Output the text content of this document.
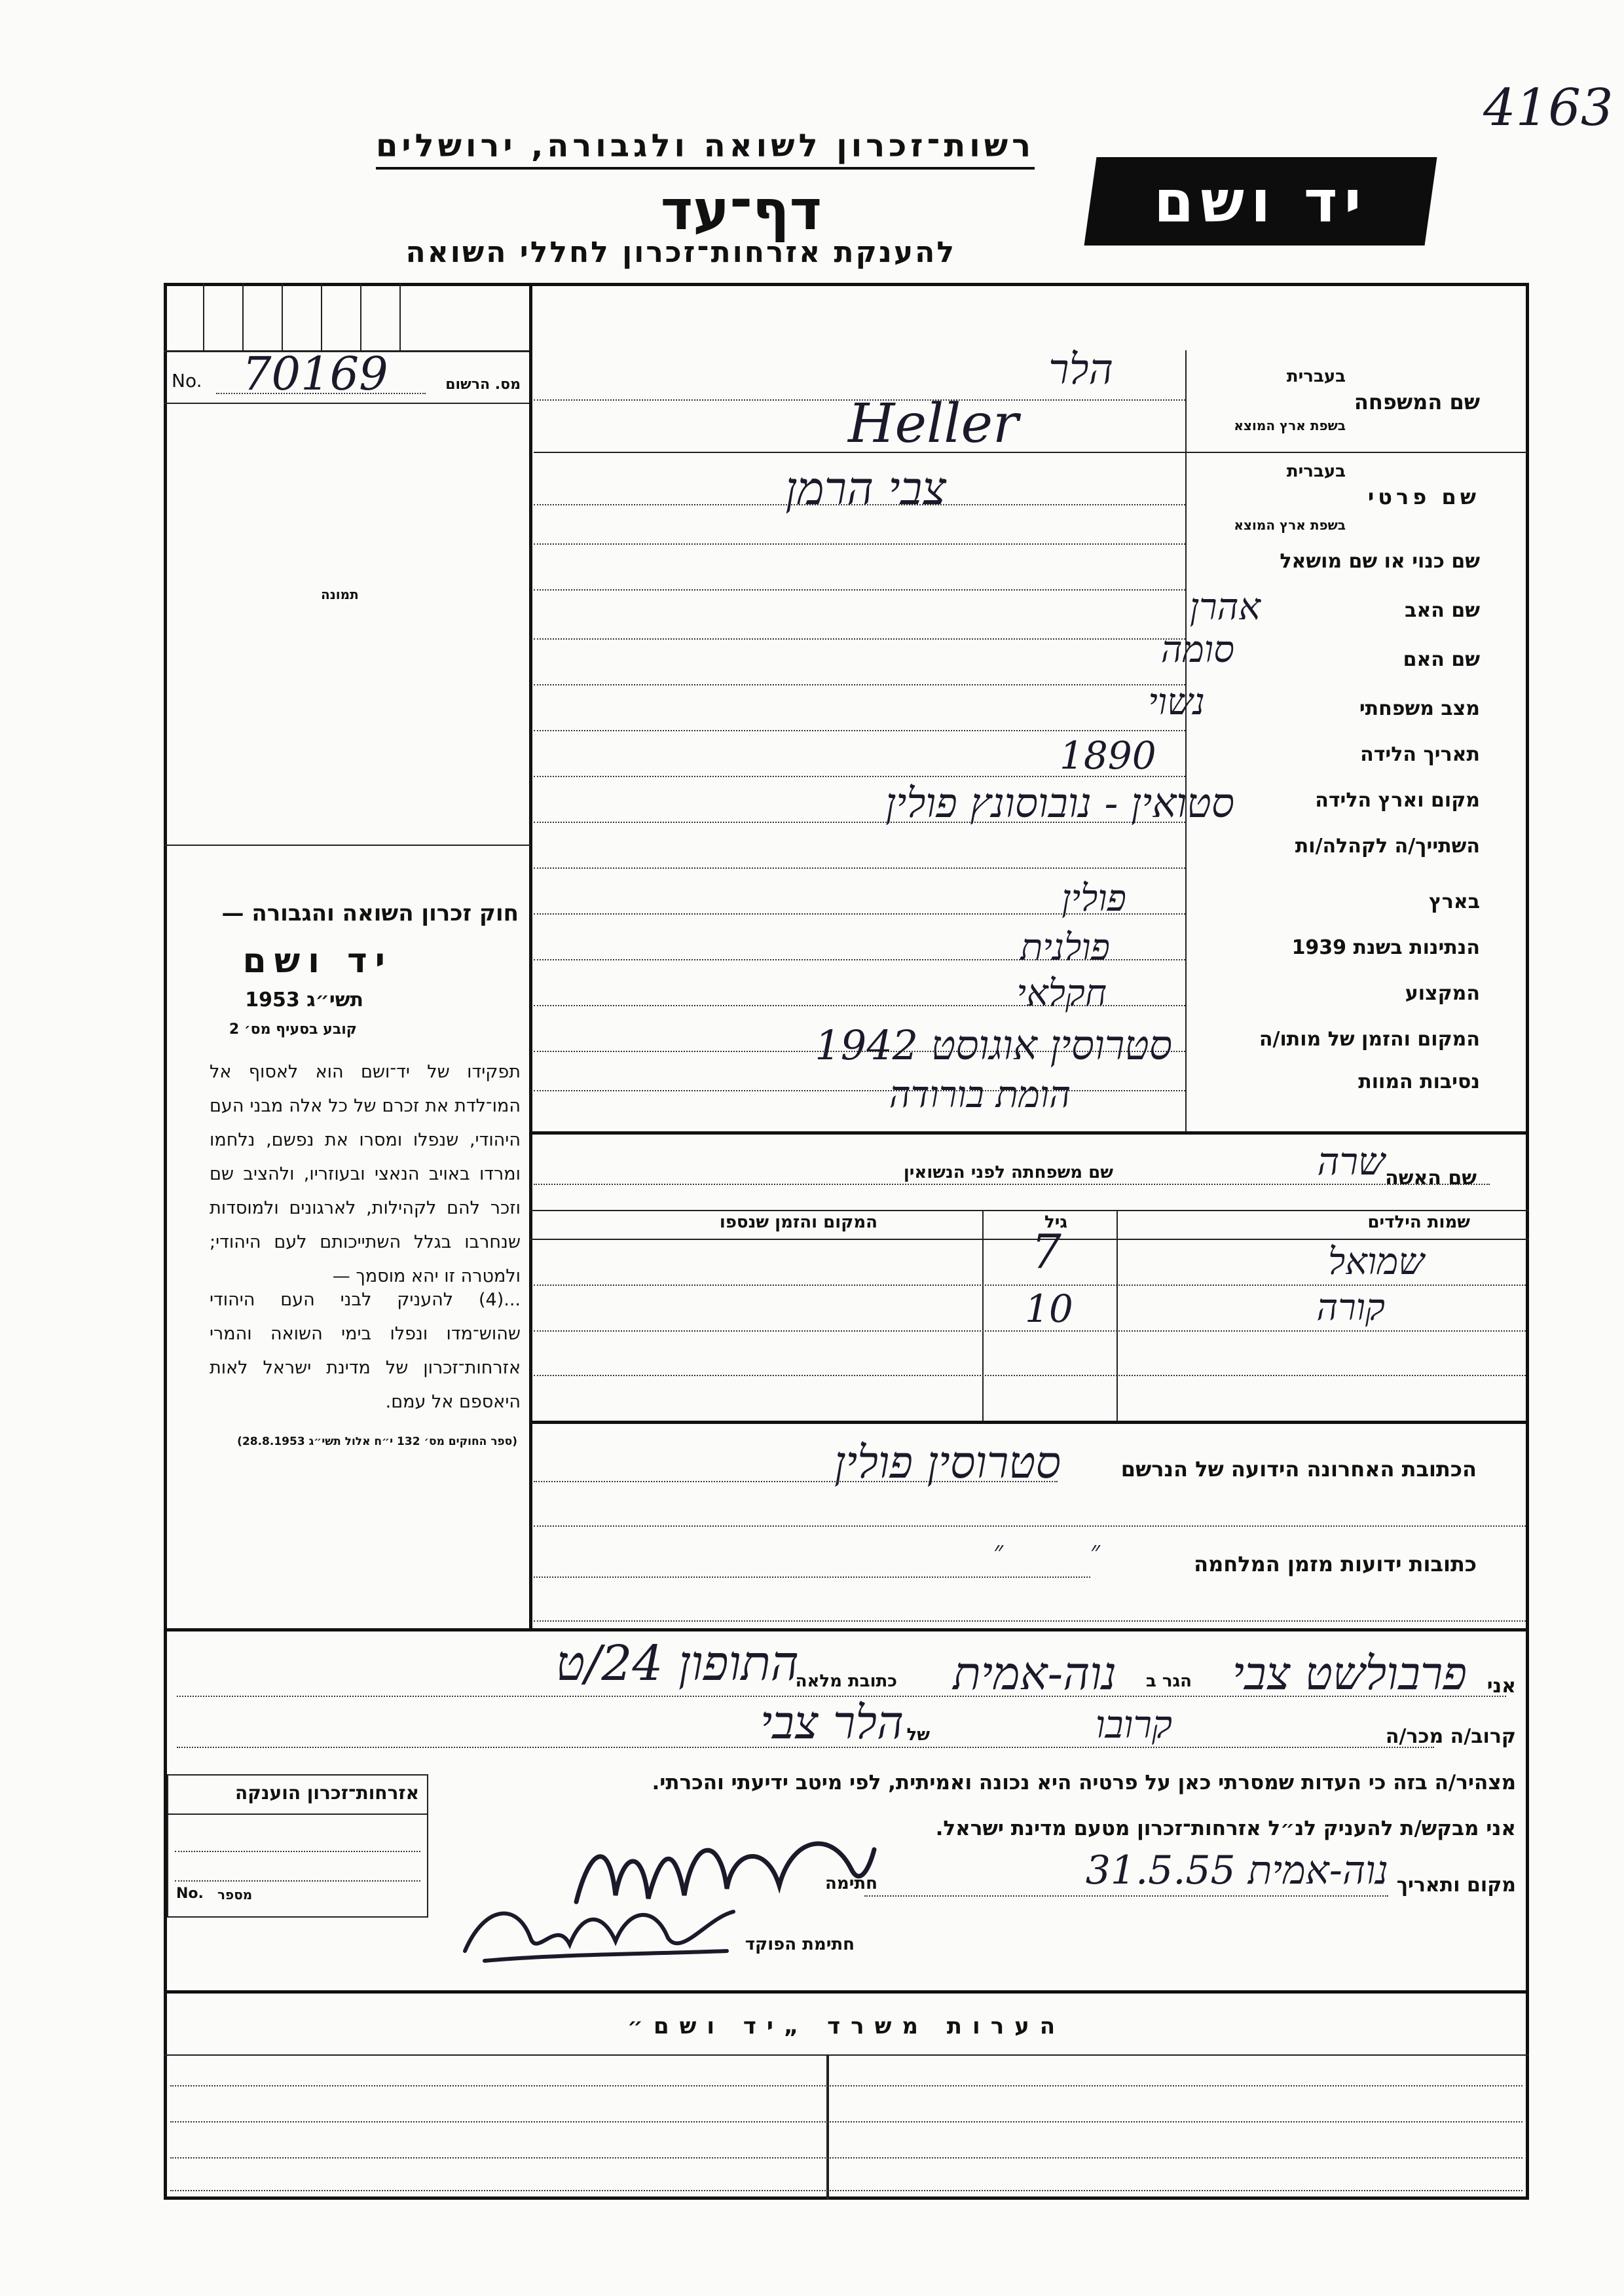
4163
רשות־זכרון לשואה ולגבורה, ירושלים
דף־עד
להענקת אזרחות־זכרון לחללי השואה
יד ושם
No. 70169	מס. הרשום
תמונה
חוק זכרון השואה והגבורה —
יד ושם
תשי״ג 1953
קובע בסעיף מס׳ 2
תפקידו של יד־ושם הוא לאסוף אל המו־לדת את זכרם של כל אלה מבני העם היהודי, שנפלו ומסרו את נפשם, נלחמו ומרדו באויב הנאצי ובעוזריו, ולהציב שם וזכר להם לקהילות, לארגונים ולמוסדות שנחרבו בגלל השתייכותם לעם היהודי; ולמטרה זו יהא מוסמך —
...(4) להעניק לבני העם היהודי שהוש־מדו ונפלו בימי השואה והמרי אזרחות־זכרון של מדינת ישראל לאות היאספם אל עמם.
(ספר החוקים מס׳ 132 י״ח אלול תשי״ג 28.8.1953)
שם המשפחה
בעברית
בשפת ארץ המוצא
שם פרטי
בעברית
בשפת ארץ המוצא
שם כנוי או שם מושאל
שם האב
שם האם
מצב משפחתי
תאריך הלידה
מקום וארץ הלידה
השתייך/ה לקהלה/ות
בארץ
הנתינות בשנת 1939
המקצוע
המקום והזמן של מותו/ה
נסיבות המוות
הלר
Heller
צבי הרמן
אהרן
סומה
נשוי
1890
סטואין - נובוסונץ פולין
פולין
פולנית
חקלאי
סטרוסין אוגוסט 1942
הומת בורודה
שם האשה
שרה
שם משפחתה לפני הנשואין
שמות הילדים
גיל
המקום והזמן שנספו
שמואל
7
קורה
10
הכתובת האחרונה הידועה של הנרשם
סטרוסין פולין
כתובות ידועות מזמן המלחמה
״ ״
אני
פרבולשט צבי
הגר ב
נוה-אמית
כתובת מלאה
התופון 24/ט
קרוב/ה מכר/ה
קרובו
של
הלר צבי
מצהיר/ה בזה כי העדות שמסרתי כאן על פרטיה היא נכונה ואמיתית, לפי מיטב ידיעתי והכרתי.
אני מבקש/ת להעניק לנ״ל אזרחות־זכרון מטעם מדינת ישראל.
מקום ותאריך
נוה-אמית 31.5.55
חתימה
חתימת הפוקד
אזרחות־זכרון הוענקה
No. מספר
הערות משרד „יד ושם״
